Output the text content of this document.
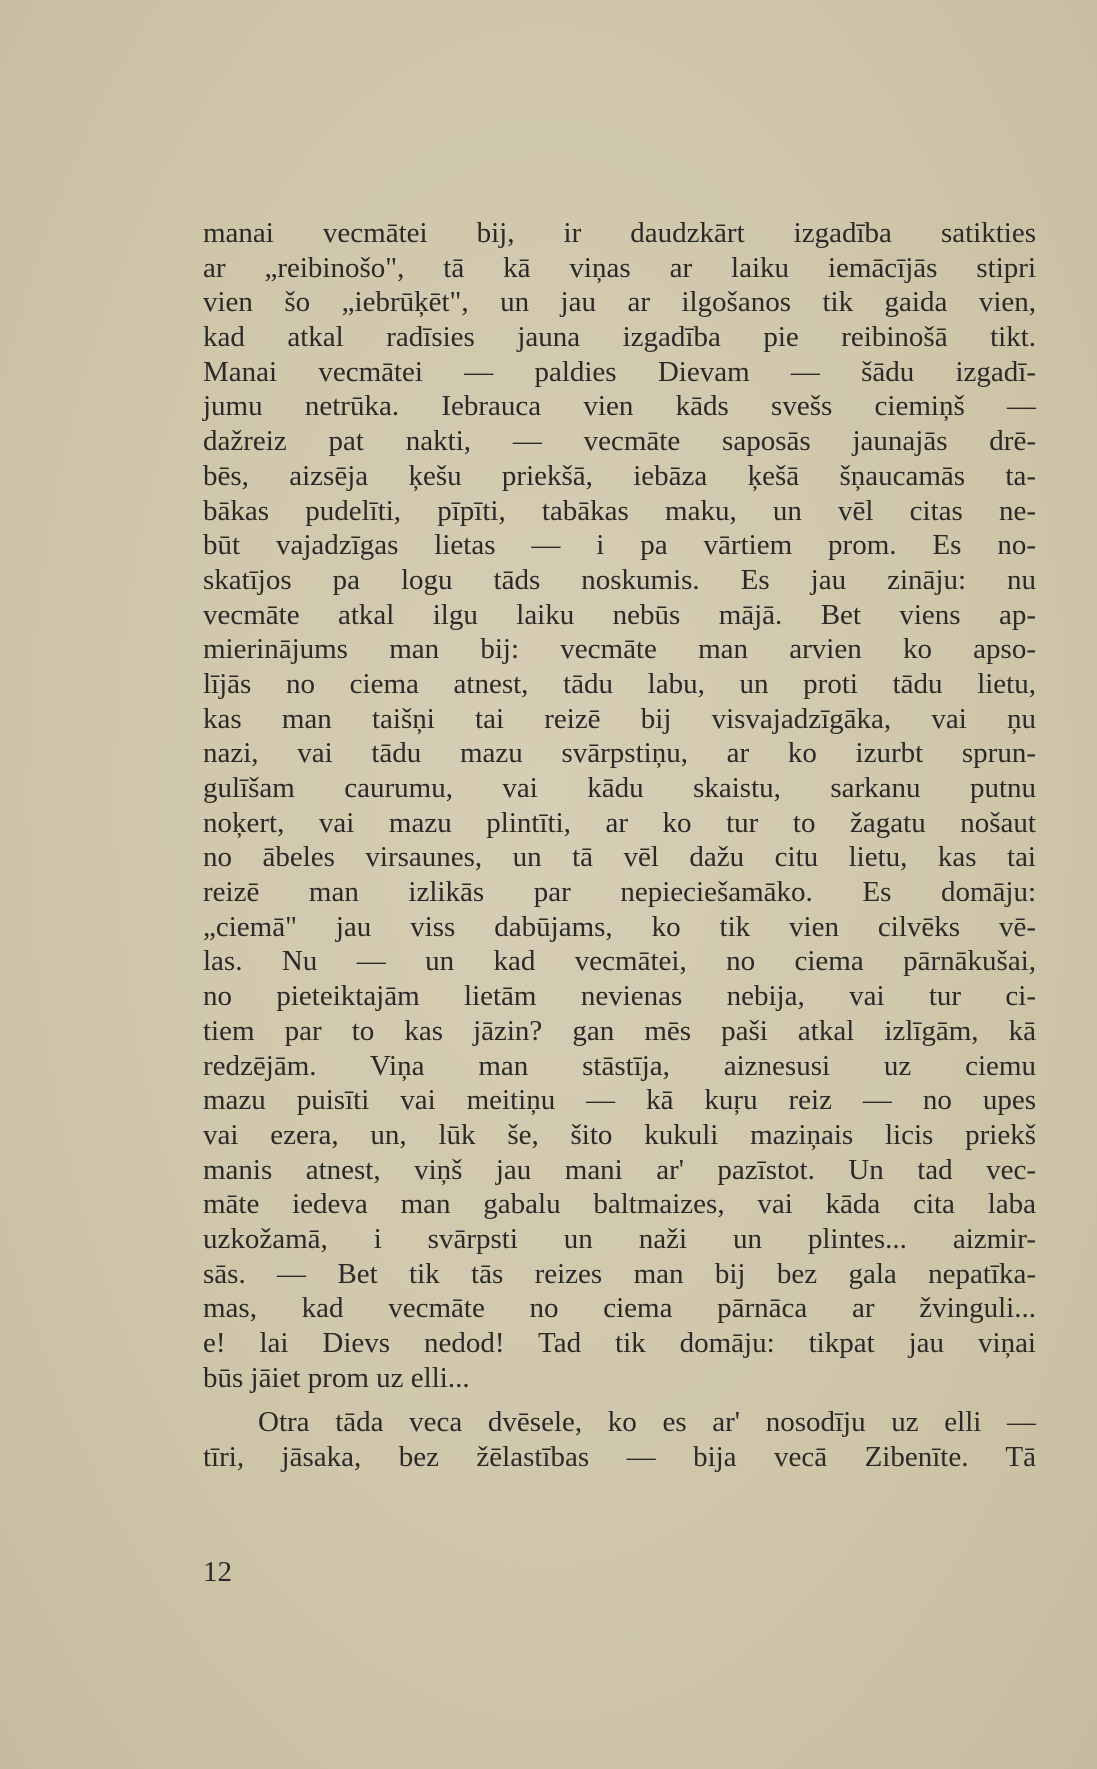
manai vecmātei bij, ir daudzkārt izgadība satikties
ar „reibinošo", tā kā viņas ar laiku iemācījās stipri
vien šo „iebrūķēt", un jau ar ilgošanos tik gaida vien,
kad atkal radīsies jauna izgadība pie reibinošā tikt.
Manai vecmātei — paldies Dievam — šādu izgadī-
jumu netrūka. Iebrauca vien kāds svešs ciemiņš —
dažreiz pat nakti, — vecmāte saposās jaunajās drē-
bēs, aizsēja ķešu priekšā, iebāza ķešā šņaucamās ta-
bākas pudelīti, pīpīti, tabākas maku, un vēl citas ne-
būt vajadzīgas lietas — i pa vārtiem prom. Es no-
skatījos pa logu tāds noskumis. Es jau zināju: nu
vecmāte atkal ilgu laiku nebūs mājā. Bet viens ap-
mierinājums man bij: vecmāte man arvien ko apso-
lījās no ciema atnest, tādu labu, un proti tādu lietu,
kas man taišņi tai reizē bij visvajadzīgāka, vai ņu
nazi, vai tādu mazu svārpstiņu, ar ko izurbt sprun-
gulīšam caurumu, vai kādu skaistu, sarkanu putnu
noķert, vai mazu plintīti, ar ko tur to žagatu nošaut
no ābeles virsaunes, un tā vēl dažu citu lietu, kas tai
reizē man izlikās par nepieciešamāko. Es domāju:
„ciemā" jau viss dabūjams, ko tik vien cilvēks vē-
las. Nu — un kad vecmātei, no ciema pārnākušai,
no pieteiktajām lietām nevienas nebija, vai tur ci-
tiem par to kas jāzin? gan mēs paši atkal izlīgām, kā
redzējām. Viņa man stāstīja, aiznesusi uz ciemu
mazu puisīti vai meitiņu — kā kuŗu reiz — no upes
vai ezera, un, lūk še, šito kukuli maziņais licis priekš
manis atnest, viņš jau mani ar' pazīstot. Un tad vec-
māte iedeva man gabalu baltmaizes, vai kāda cita laba
uzkožamā, i svārpsti un naži un plintes... aizmir-
sās. — Bet tik tās reizes man bij bez gala nepatīka-
mas, kad vecmāte no ciema pārnāca ar žvinguli...
e! lai Dievs nedod! Tad tik domāju: tikpat jau viņai
būs jāiet prom uz elli...
Otra tāda veca dvēsele, ko es ar' nosodīju uz elli —
tīri, jāsaka, bez žēlastības — bija vecā Zibenīte. Tā
12
